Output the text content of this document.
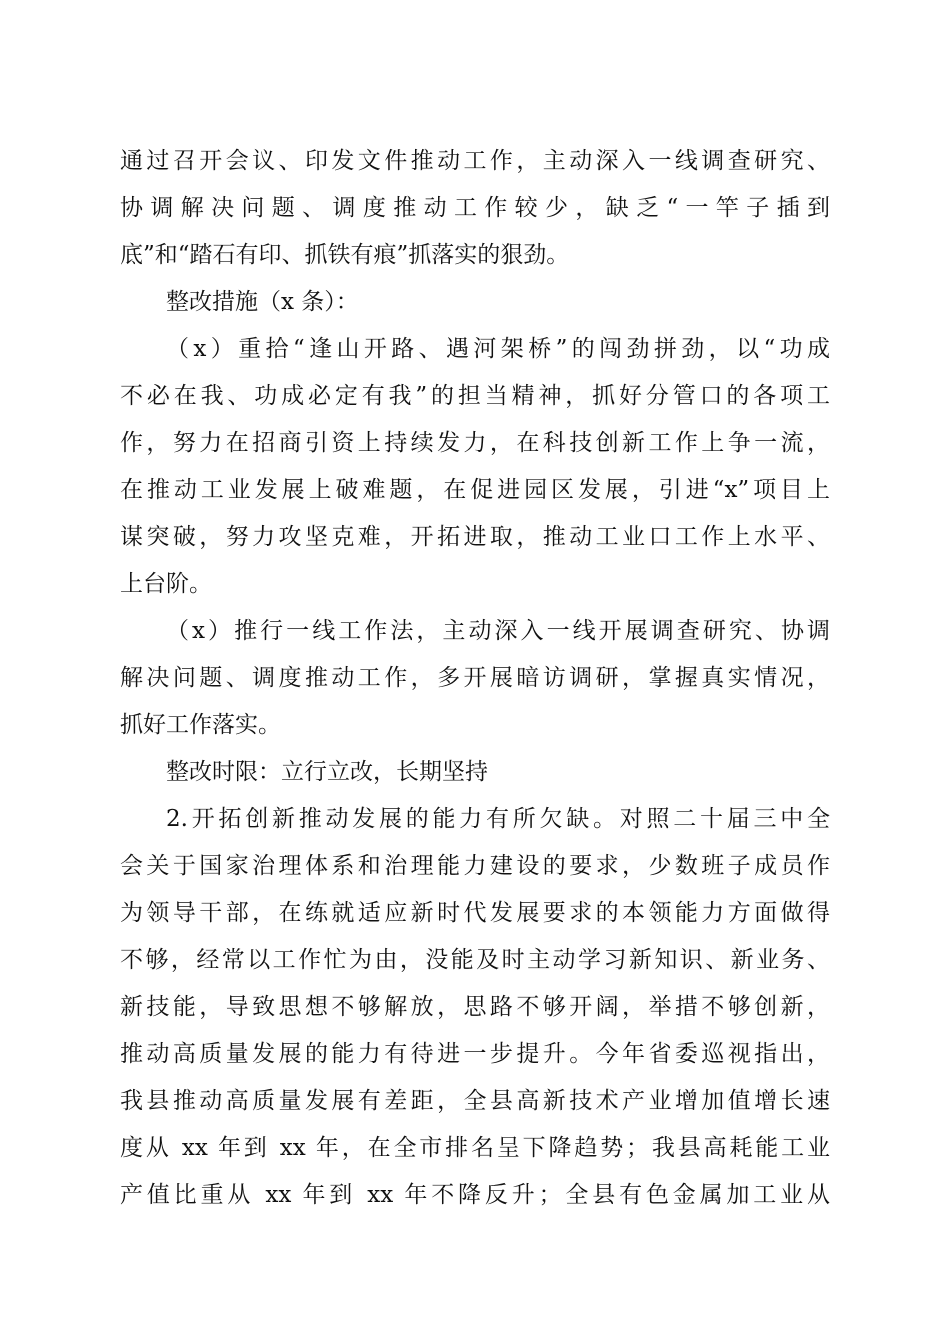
通过召开会议、印发文件推动工作，主动深入一线调查研究、
协调解决问题、调度推动工作较少，缺乏“一竿子插到
底”和“踏石有印、抓铁有痕”抓落实的狠劲。
整改措施（x 条）：
（x）重拾“逢山开路、遇河架桥”的闯劲拼劲，以“功成
不必在我、功成必定有我”的担当精神，抓好分管口的各项工
作，努力在招商引资上持续发力，在科技创新工作上争一流，
在推动工业发展上破难题，在促进园区发展，引进“x”项目上
谋突破，努力攻坚克难，开拓进取，推动工业口工作上水平、
上台阶。
（x）推行一线工作法，主动深入一线开展调查研究、协调
解决问题、调度推动工作，多开展暗访调研，掌握真实情况，
抓好工作落实。
整改时限：立行立改，长期坚持
2.开拓创新推动发展的能力有所欠缺。对照二十届三中全
会关于国家治理体系和治理能力建设的要求，少数班子成员作
为领导干部，在练就适应新时代发展要求的本领能力方面做得
不够，经常以工作忙为由，没能及时主动学习新知识、新业务、
新技能，导致思想不够解放，思路不够开阔，举措不够创新，
推动高质量发展的能力有待进一步提升。今年省委巡视指出，
我县推动高质量发展有差距，全县高新技术产业增加值增长速
度从 xx 年到 xx 年，在全市排名呈下降趋势；我县高耗能工业
产值比重从 xx 年到 xx 年不降反升；全县有色金属加工业从
